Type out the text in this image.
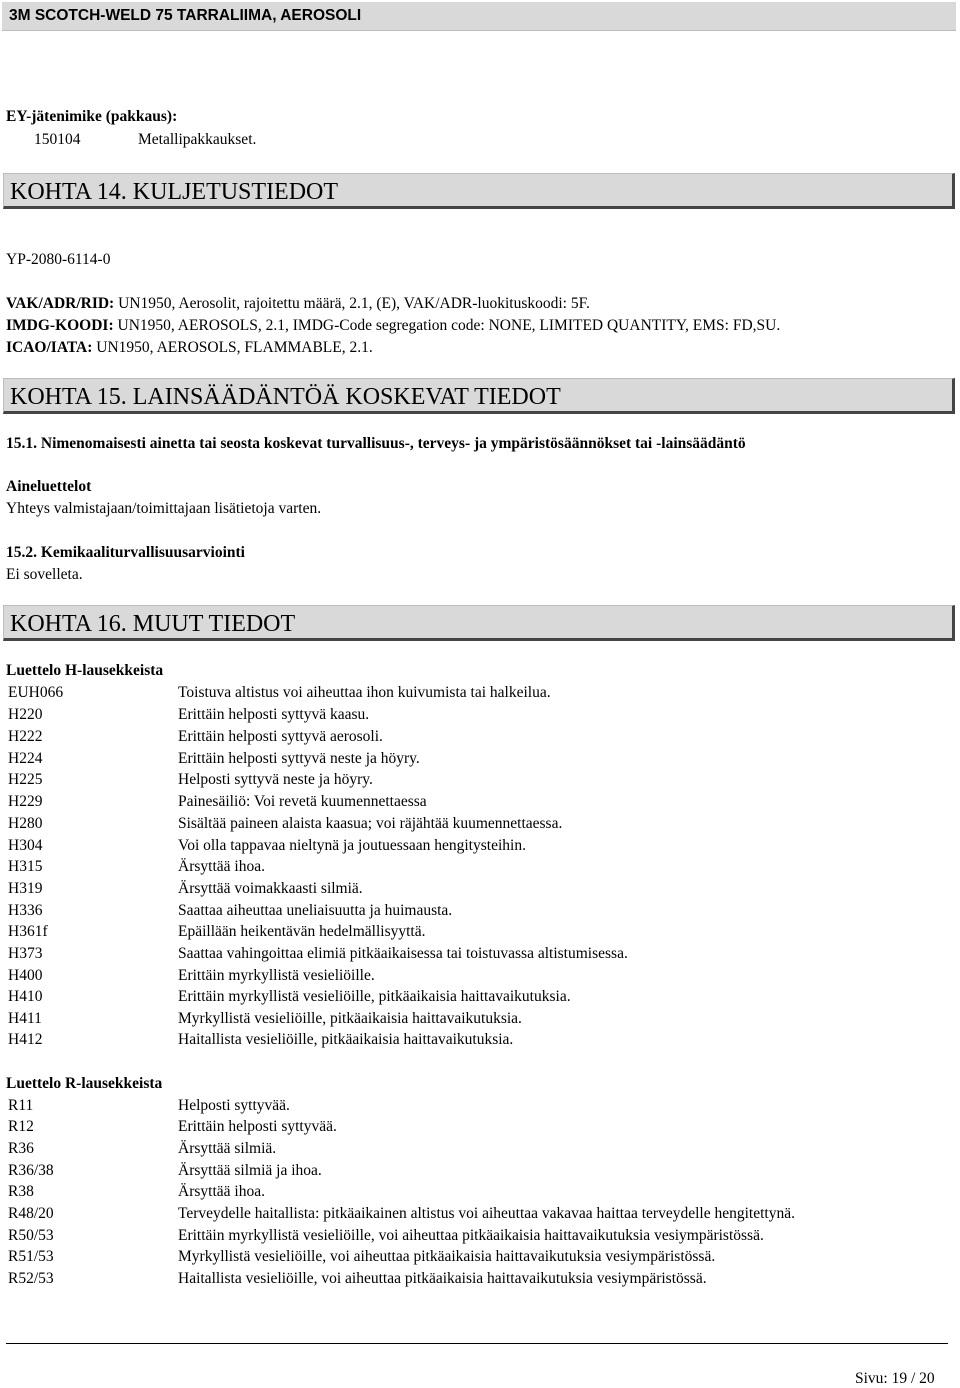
3M SCOTCH-WELD 75 TARRALIIMA, AEROSOLI
EY-jätenimike (pakkaus):
150104	Metallipakkaukset.
KOHTA 14. KULJETUSTIEDOT
YP-2080-6114-0
VAK/ADR/RID: UN1950, Aerosolit, rajoitettu määrä, 2.1, (E), VAK/ADR-luokituskoodi: 5F.
IMDG-KOODI: UN1950, AEROSOLS, 2.1, IMDG-Code segregation code: NONE, LIMITED QUANTITY, EMS: FD,SU.
ICAO/IATA: UN1950, AEROSOLS, FLAMMABLE, 2.1.
KOHTA 15. LAINSÄÄDÄNTÖÄ KOSKEVAT TIEDOT
15.1. Nimenomaisesti ainetta tai seosta koskevat turvallisuus-, terveys- ja ympäristösäännökset tai -lainsäädäntö
Aineluettelot
Yhteys valmistajaan/toimittajaan lisätietoja varten.
15.2. Kemikaaliturvallisuusarviointi
Ei sovelleta.
KOHTA 16. MUUT TIEDOT
Luettelo H-lausekkeista
EUH066	Toistuva altistus voi aiheuttaa ihon kuivumista tai halkeilua.
H220	Erittäin helposti syttyvä kaasu.
H222	Erittäin helposti syttyvä aerosoli.
H224	Erittäin helposti syttyvä neste ja höyry.
H225	Helposti syttyvä neste ja höyry.
H229	Painesäiliö: Voi revetä kuumennettaessa
H280	Sisältää paineen alaista kaasua; voi räjähtää kuumennettaessa.
H304	Voi olla tappavaa nieltynä ja joutuessaan hengitysteihin.
H315	Ärsyttää ihoa.
H319	Ärsyttää voimakkaasti silmiä.
H336	Saattaa aiheuttaa uneliaisuutta ja huimausta.
H361f	Epäillään heikentävän hedelmällisyyttä.
H373	Saattaa vahingoittaa elimiä pitkäaikaisessa tai toistuvassa altistumisessa.
H400	Erittäin myrkyllistä vesieliöille.
H410	Erittäin myrkyllistä vesieliöille, pitkäaikaisia haittavaikutuksia.
H411	Myrkyllistä vesieliöille, pitkäaikaisia haittavaikutuksia.
H412	Haitallista vesieliöille, pitkäaikaisia haittavaikutuksia.
Luettelo R-lausekkeista
R11	Helposti syttyvää.
R12	Erittäin helposti syttyvää.
R36	Ärsyttää silmiä.
R36/38	Ärsyttää silmiä ja ihoa.
R38	Ärsyttää ihoa.
R48/20	Terveydelle haitallista: pitkäaikainen altistus voi aiheuttaa vakavaa haittaa terveydelle hengitettynä.
R50/53	Erittäin myrkyllistä vesieliöille, voi aiheuttaa pitkäaikaisia haittavaikutuksia vesiympäristössä.
R51/53	Myrkyllistä vesieliöille, voi aiheuttaa pitkäaikaisia haittavaikutuksia vesiympäristössä.
R52/53	Haitallista vesieliöille, voi aiheuttaa pitkäaikaisia haittavaikutuksia vesiympäristössä.
Sivu: 19 / 20
